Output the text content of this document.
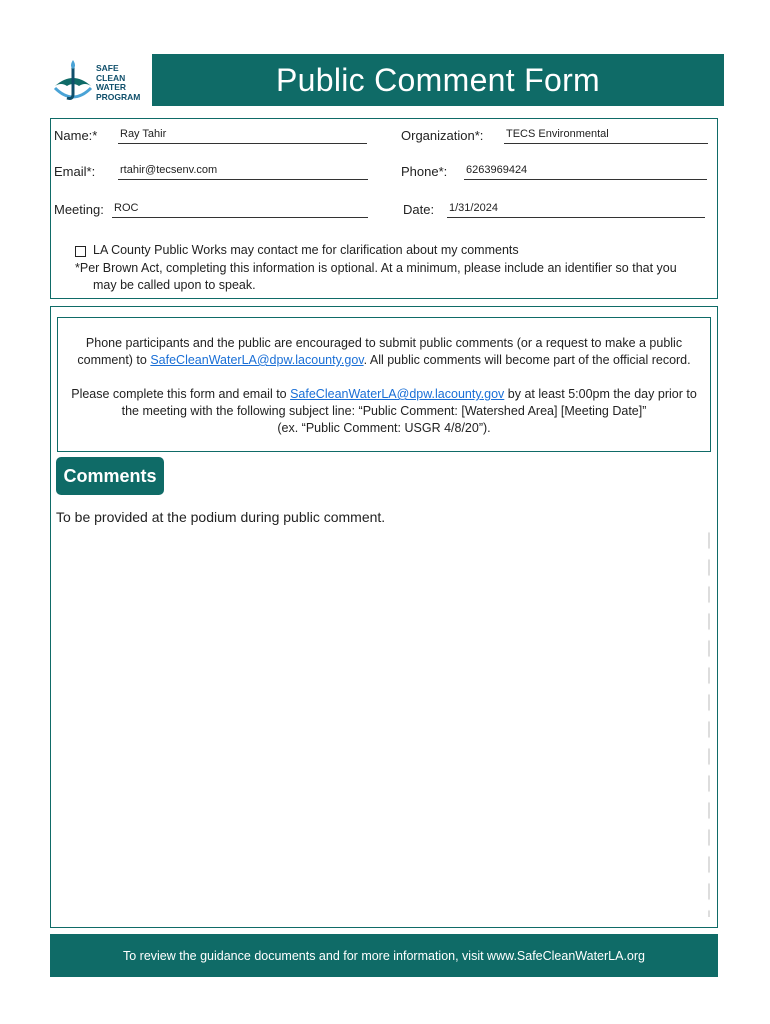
SAFE
CLEAN
WATER
PROGRAM	Public Comment Form
Name:* Ray Tahir	Organization*: TECS Environmental
Email*: rtahir@tecsenv.com	Phone*: 6263969424
Meeting: ROC	Date: 1/31/2024
LA County Public Works may contact me for clarification about my comments
*Per Brown Act, completing this information is optional. At a minimum, please include an identifier so that you
may be called upon to speak.

Phone participants and the public are encouraged to submit public comments (or a request to make a public comment) to SafeCleanWaterLA@dpw.lacounty.gov. All public comments will become part of the official record.

Please complete this form and email to SafeCleanWaterLA@dpw.lacounty.gov by at least 5:00pm the day prior to the meeting with the following subject line: “Public Comment: [Watershed Area] [Meeting Date]”

(ex. “Public Comment: USGR 4/8/20”).

Comments
To be provided at the podium during public comment.
To review the guidance documents and for more information, visit www.SafeCleanWaterLA.org
